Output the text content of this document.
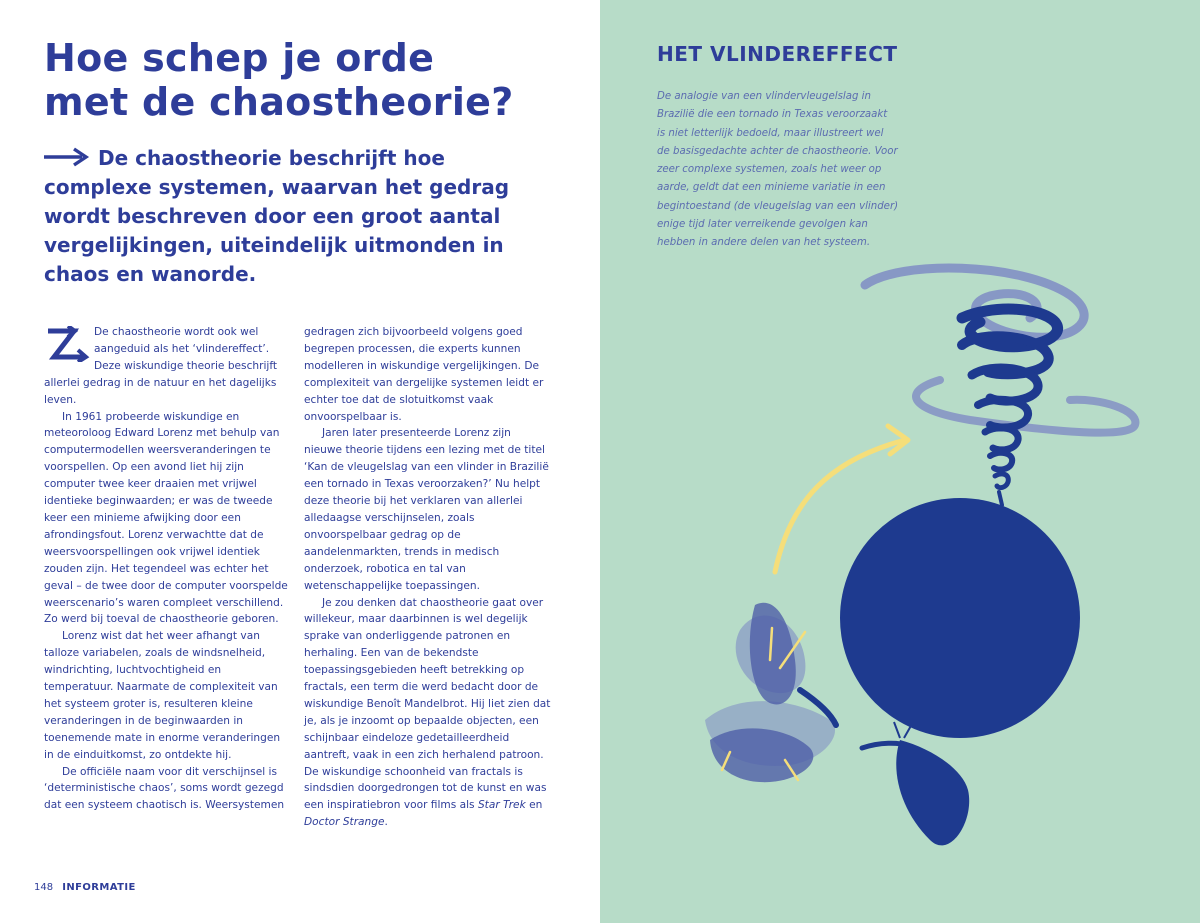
Hoe schep je orde
met de chaostheorie?
De chaostheorie beschrijft hoe
complexe systemen, waarvan het gedrag
wordt beschreven door een groot aantal
vergelijkingen, uiteindelijk uitmonden in
chaos en wanorde.

De chaostheorie wordt ook wel aangeduid als het ‘vlindereffect’. Deze wiskundige theorie beschrijft allerlei gedrag in de natuur en het dagelijks leven.

In 1961 probeerde wiskundige en meteoroloog Edward Lorenz met behulp van computermodellen weersveranderingen te voorspellen. Op een avond liet hij zijn computer twee keer draaien met vrijwel identieke beginwaarden; er was de tweede keer een minieme afwijking door een afrondingsfout. Lorenz verwachtte dat de weersvoorspellingen ook vrijwel identiek zouden zijn. Het tegendeel was echter het geval – de twee door de computer voorspelde weerscenario’s waren compleet verschillend. Zo werd bij toeval de chaostheorie geboren.

Lorenz wist dat het weer afhangt van talloze variabelen, zoals de windsnelheid, windrichting, luchtvochtigheid en temperatuur. Naarmate de complexiteit van het systeem groter is, resulteren kleine veranderingen in de beginwaarden in toenemende mate in enorme veranderingen in de einduitkomst, zo ontdekte hij.

De officiële naam voor dit verschijnsel is ‘deterministische chaos’, soms wordt gezegd dat een systeem chaotisch is. Weersystemen

gedragen zich bijvoorbeeld volgens goed begrepen processen, die experts kunnen modelleren in wiskundige vergelijkingen. De complexiteit van dergelijke systemen leidt er echter toe dat de slotuitkomst vaak onvoorspelbaar is.

Jaren later presenteerde Lorenz zijn nieuwe theorie tijdens een lezing met de titel ‘Kan de vleugelslag van een vlinder in Brazilië een tornado in Texas veroorzaken?’ Nu helpt deze theorie bij het verklaren van allerlei alledaagse verschijnselen, zoals onvoorspelbaar gedrag op de aandelenmarkten, trends in medisch onderzoek, robotica en tal van wetenschappelijke toepassingen.

Je zou denken dat chaostheorie gaat over willekeur, maar daarbinnen is wel degelijk sprake van onderliggende patronen en herhaling. Een van de bekendste toepassingsgebieden heeft betrekking op fractals, een term die werd bedacht door de wiskundige Benoît Mandelbrot. Hij liet zien dat je, als je inzoomt op bepaalde objecten, een schijnbaar eindeloze gedetailleerdheid aantreft, vaak in een zich herhalend patroon. De wiskundige schoonheid van fractals is sindsdien doorgedrongen tot de kunst en was een inspiratiebron voor films als Star Trek en Doctor Strange.

148 INFORMATIE
HET VLINDEREFFECT
De analogie van een vlindervleugelslag in
Brazilië die een tornado in Texas veroorzaakt
is niet letterlijk bedoeld, maar illustreert wel
de basisgedachte achter de chaostheorie. Voor
zeer complexe systemen, zoals het weer op
aarde, geldt dat een minieme variatie in een
begintoestand (de vleugelslag van een vlinder)
enige tijd later verreikende gevolgen kan
hebben in andere delen van het systeem.
